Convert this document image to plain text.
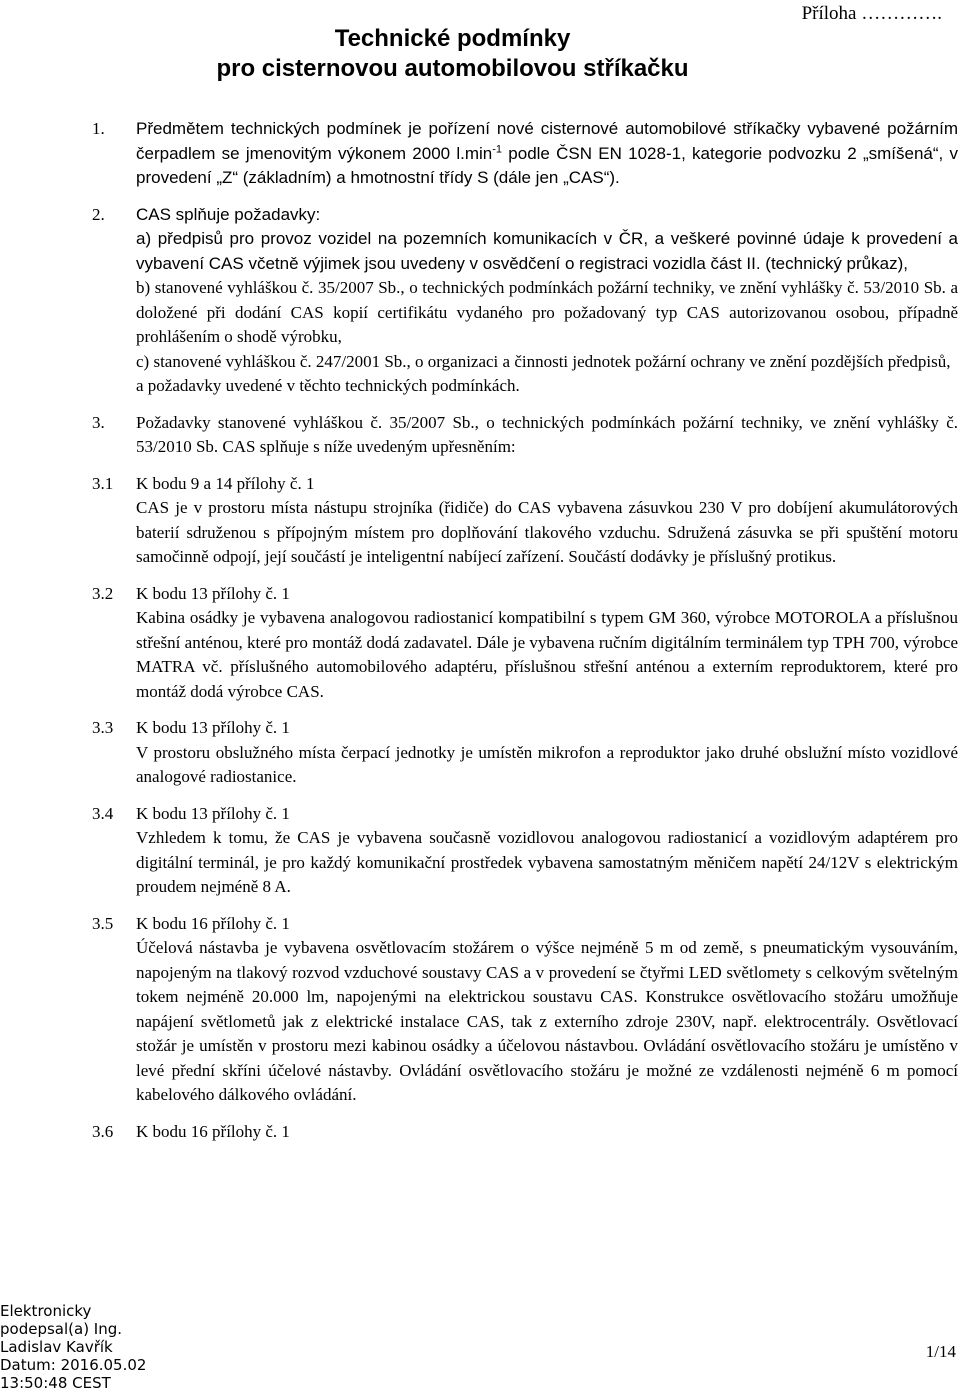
Příloha ………….
Technické podmínky
pro cisternovou automobilovou stříkačku
1. Předmětem technických podmínek je pořízení nové cisternové automobilové stříkačky vybavené požárním čerpadlem se jmenovitým výkonem 2000 $l.\min^{-1}$ podle ČSN EN 1028-1, kategorie podvozku 2 „smíšená“, v provedení „Z“ (základním) a hmotnostní třídy S (dále jen „CAS“).
2. CAS splňuje požadavky:
a) předpisů pro provoz vozidel na pozemních komunikacích v ČR, a veškeré povinné údaje k provedení a vybavení CAS včetně výjimek jsou uvedeny v osvědčení o registraci vozidla část II. (technický průkaz),
b) stanovené vyhláškou č. 35/2007 Sb., o technických podmínkách požární techniky, ve znění vyhlášky č. 53/2010 Sb. a doložené při dodání CAS kopií certifikátu vydaného pro požadovaný typ CAS autorizovanou osobou, případně prohlášením o shodě výrobku,
c) stanovené vyhláškou č. 247/2001 Sb., o organizaci a činnosti jednotek požární ochrany ve znění pozdějších předpisů,
a požadavky uvedené v těchto technických podmínkách.
3. Požadavky stanovené vyhláškou č. 35/2007 Sb., o technických podmínkách požární techniky, ve znění vyhlášky č. 53/2010 Sb. CAS splňuje s níže uvedeným upřesněním:
3.1 K bodu 9 a 14 přílohy č. 1
CAS je v prostoru místa nástupu strojníka (řidiče) do CAS vybavena zásuvkou 230 V pro dobíjení akumulátorových baterií sdruženou s přípojným místem pro doplňování tlakového vzduchu. Sdružená zásuvka se při spuštění motoru samočinně odpojí, její součástí je inteligentní nabíjecí zařízení. Součástí dodávky je příslušný protikus.
3.2 K bodu 13 přílohy č. 1
Kabina osádky je vybavena analogovou radiostanicí kompatibilní s typem GM 360, výrobce MOTOROLA a příslušnou střešní anténou, které pro montáž dodá zadavatel. Dále je vybavena ručním digitálním terminálem typ TPH 700, výrobce MATRA vč. příslušného automobilového adaptéru, příslušnou střešní anténou a externím reproduktorem, které pro montáž dodá výrobce CAS.
3.3 K bodu 13 přílohy č. 1
V prostoru obslužného místa čerpací jednotky je umístěn mikrofon a reproduktor jako druhé obslužní místo vozidlové analogové radiostanice.
3.4 K bodu 13 přílohy č. 1
Vzhledem k tomu, že CAS je vybavena současně vozidlovou analogovou radiostanicí a vozidlovým adaptérem pro digitální terminál, je pro každý komunikační prostředek vybavena samostatným měničem napětí 24/12V s elektrickým proudem nejméně 8 A.
3.5 K bodu 16 přílohy č. 1
Účelová nástavba je vybavena osvětlovacím stožárem o výšce nejméně 5 m od země, s pneumatickým vysouváním, napojeným na tlakový rozvod vzduchové soustavy CAS a v provedení se čtyřmi LED světlomety s celkovým světelným tokem nejméně 20.000 lm, napojenými na elektrickou soustavu CAS. Konstrukce osvětlovacího stožáru umožňuje napájení světlometů jak z elektrické instalace CAS, tak z externího zdroje 230V, např. elektrocentrály. Osvětlovací stožár je umístěn v prostoru mezi kabinou osádky a účelovou nástavbou. Ovládání osvětlovacího stožáru je umístěno v levé přední skříni účelové nástavby. Ovládání osvětlovacího stožáru je možné ze vzdálenosti nejméně 6 m pomocí kabelového dálkového ovládání.
3.6 K bodu 16 přílohy č. 1
Elektronicky
podepsal(a) Ing.
Ladislav Kavřík
Datum: 2016.05.02
13:50:48 CEST
1/14
